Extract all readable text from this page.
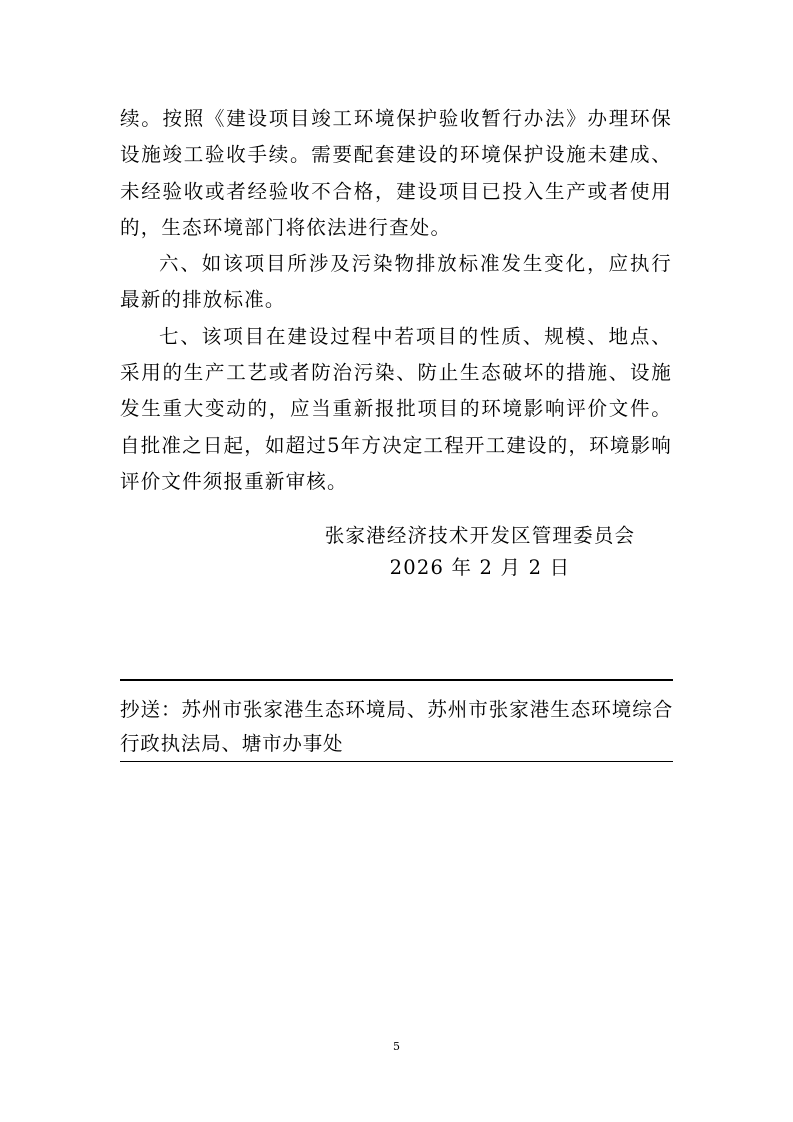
续。按照《建设项目竣工环境保护验收暂行办法》办理环保设施竣工验收手续。需要配套建设的环境保护设施未建成、未经验收或者经验收不合格，建设项目已投入生产或者使用的，生态环境部门将依法进行查处。

六、如该项目所涉及污染物排放标准发生变化，应执行最新的排放标准。

七、该项目在建设过程中若项目的性质、规模、地点、采用的生产工艺或者防治污染、防止生态破坏的措施、设施发生重大变动的，应当重新报批项目的环境影响评价文件。自批准之日起，如超过5年方决定工程开工建设的，环境影响评价文件须报重新审核。

张家港经济技术开发区管理委员会
2026 年 2 月 2 日

抄送：苏州市张家港生态环境局、苏州市张家港生态环境综合行政执法局、塘市办事处

5
